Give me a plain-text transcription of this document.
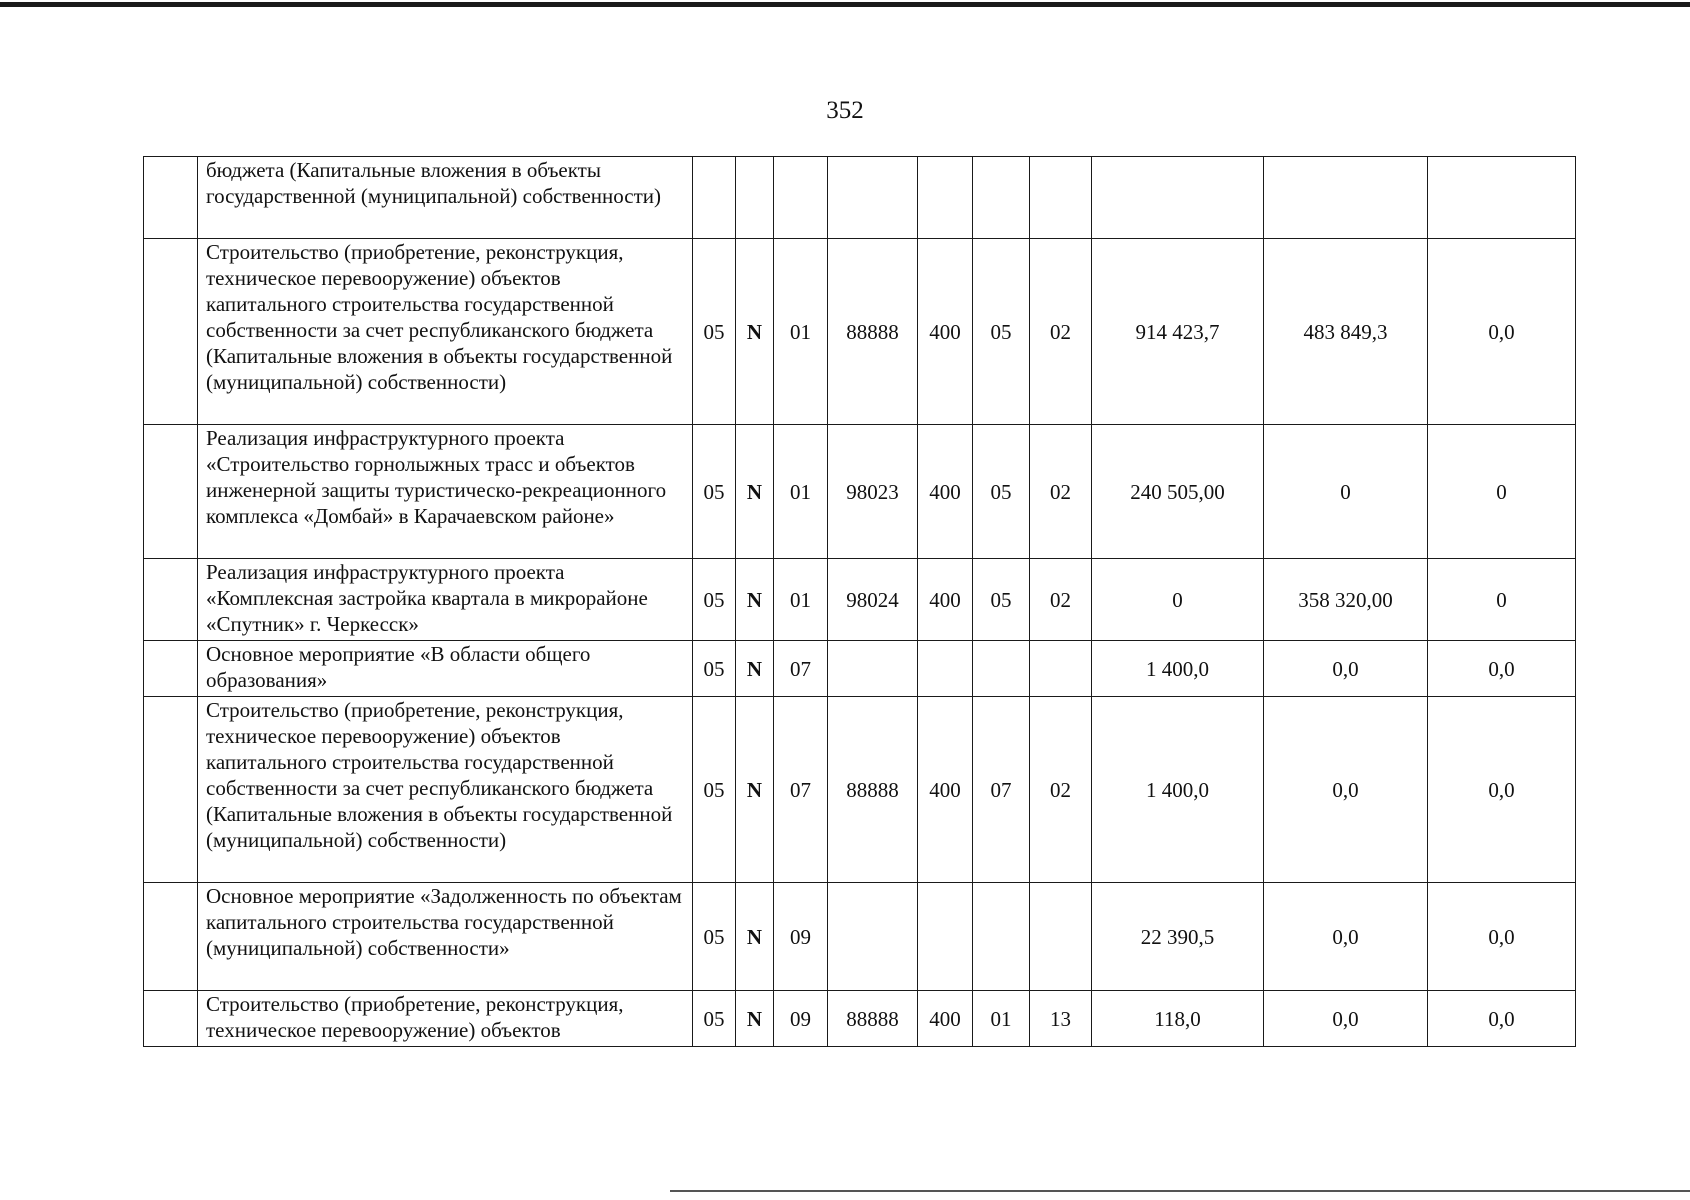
352
	бюджета (Капитальные вложения в объекты государственной (муниципальной) собственности)										
	Строительство (приобретение, реконструкция, техническое перевооружение) объектов капитального строительства государственной собственности за счет республиканского бюджета (Капитальные вложения в объекты государственной (муниципальной) собственности)	05	N	01	88888	400	05	02	914 423,7	483 849,3	0,0
	Реализация инфраструктурного проекта «Строительство горнолыжных трасс и объектов инженерной защиты туристическо-рекреационного комплекса «Домбай» в Карачаевском районе»	05	N	01	98023	400	05	02	240 505,00	0	0
	Реализация инфраструктурного проекта «Комплексная застройка квартала в микрорайоне «Спутник» г. Черкесск»	05	N	01	98024	400	05	02	0	358 320,00	0
	Основное мероприятие «В области общего образования»	05	N	07					1 400,0	0,0	0,0
	Строительство (приобретение, реконструкция, техническое перевооружение) объектов капитального строительства государственной собственности за счет республиканского бюджета (Капитальные вложения в объекты государственной (муниципальной) собственности)	05	N	07	88888	400	07	02	1 400,0	0,0	0,0
	Основное мероприятие «Задолженность по объектам капитального строительства государственной (муниципальной) собственности»	05	N	09					22 390,5	0,0	0,0
	Строительство (приобретение, реконструкция, техническое перевооружение) объектов	05	N	09	88888	400	01	13	118,0	0,0	0,0
